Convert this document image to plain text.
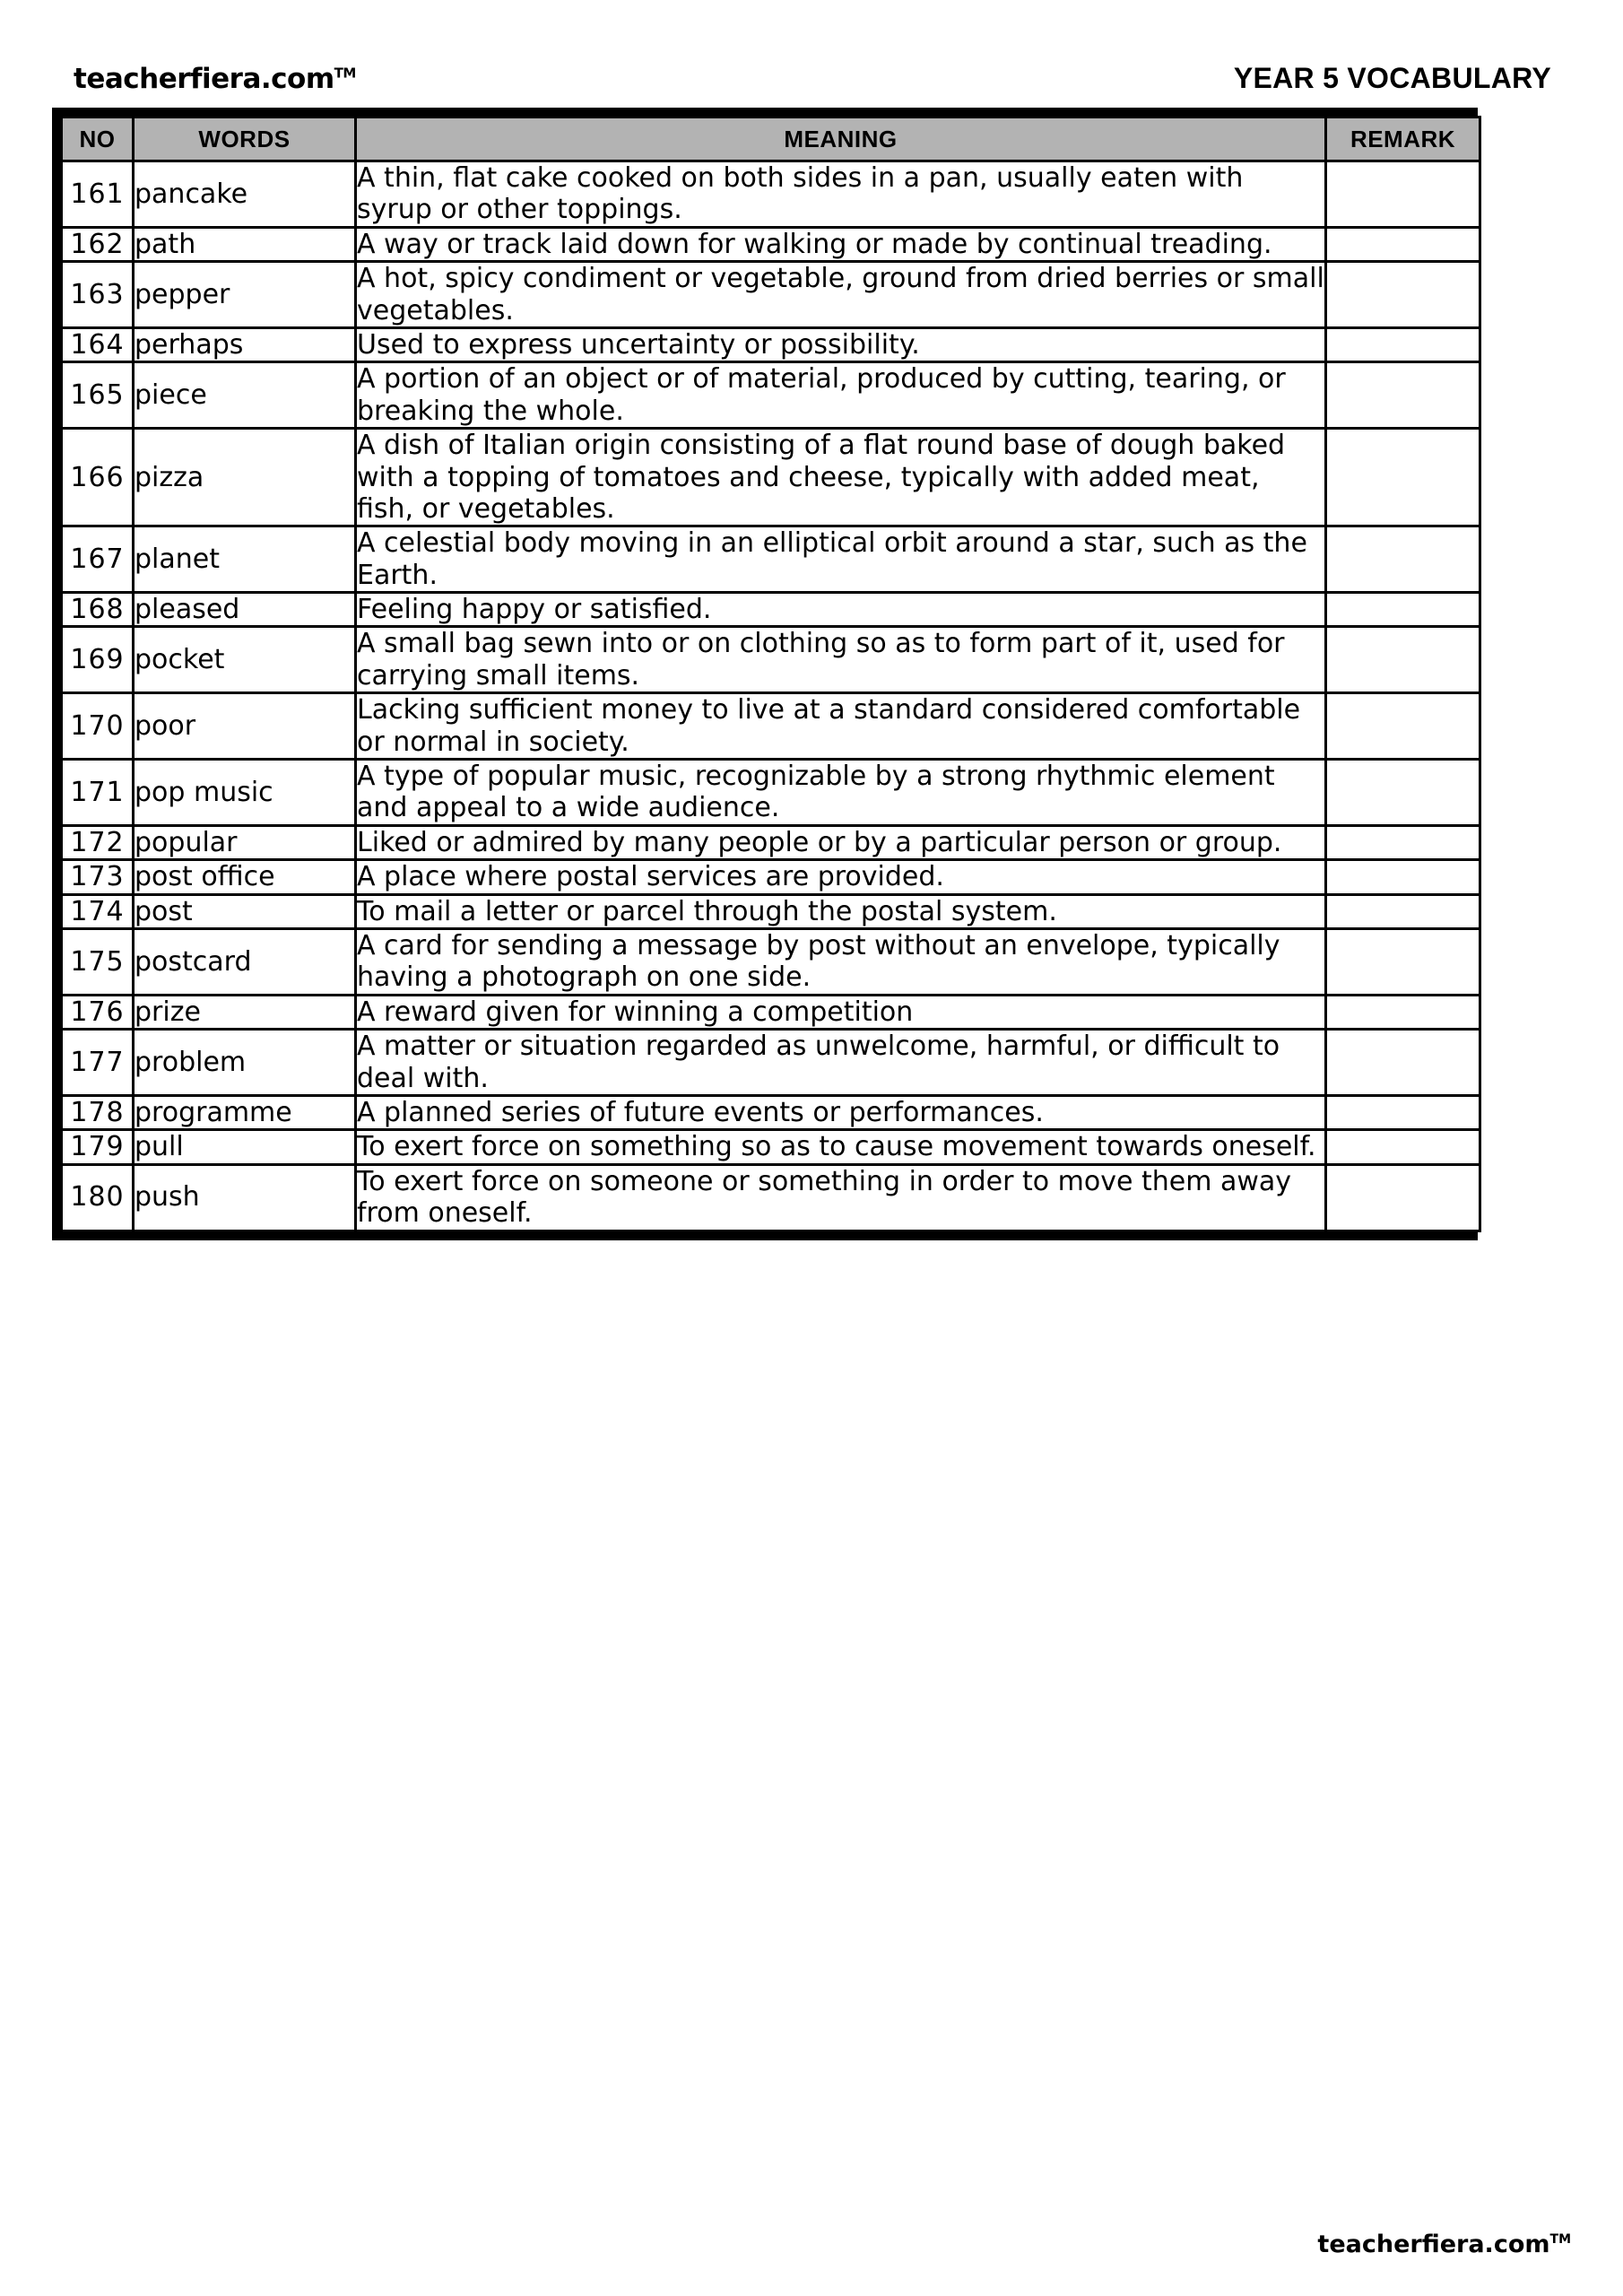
teacherfiera.com™	YEAR 5 VOCABULARY
NO	WORDS	MEANING	REMARK
161	pancake	A thin, flat cake cooked on both sides in a pan, usually eaten with syrup or other toppings.	
162	path	A way or track laid down for walking or made by continual treading.	
163	pepper	A hot, spicy condiment or vegetable, ground from dried berries or small vegetables.	
164	perhaps	Used to express uncertainty or possibility.	
165	piece	A portion of an object or of material, produced by cutting, tearing, or breaking the whole.	
166	pizza	A dish of Italian origin consisting of a flat round base of dough baked with a topping of tomatoes and cheese, typically with added meat, fish, or vegetables.	
167	planet	A celestial body moving in an elliptical orbit around a star, such as the Earth.	
168	pleased	Feeling happy or satisfied.	
169	pocket	A small bag sewn into or on clothing so as to form part of it, used for carrying small items.	
170	poor	Lacking sufficient money to live at a standard considered comfortable or normal in society.	
171	pop music	A type of popular music, recognizable by a strong rhythmic element and appeal to a wide audience.	
172	popular	Liked or admired by many people or by a particular person or group.	
173	post office	A place where postal services are provided.	
174	post	To mail a letter or parcel through the postal system.	
175	postcard	A card for sending a message by post without an envelope, typically having a photograph on one side.	
176	prize	A reward given for winning a competition	
177	problem	A matter or situation regarded as unwelcome, harmful, or difficult to deal with.	
178	programme	A planned series of future events or performances.	
179	pull	To exert force on something so as to cause movement towards oneself.	
180	push	To exert force on someone or something in order to move them away from oneself.	
teacherfiera.com™
